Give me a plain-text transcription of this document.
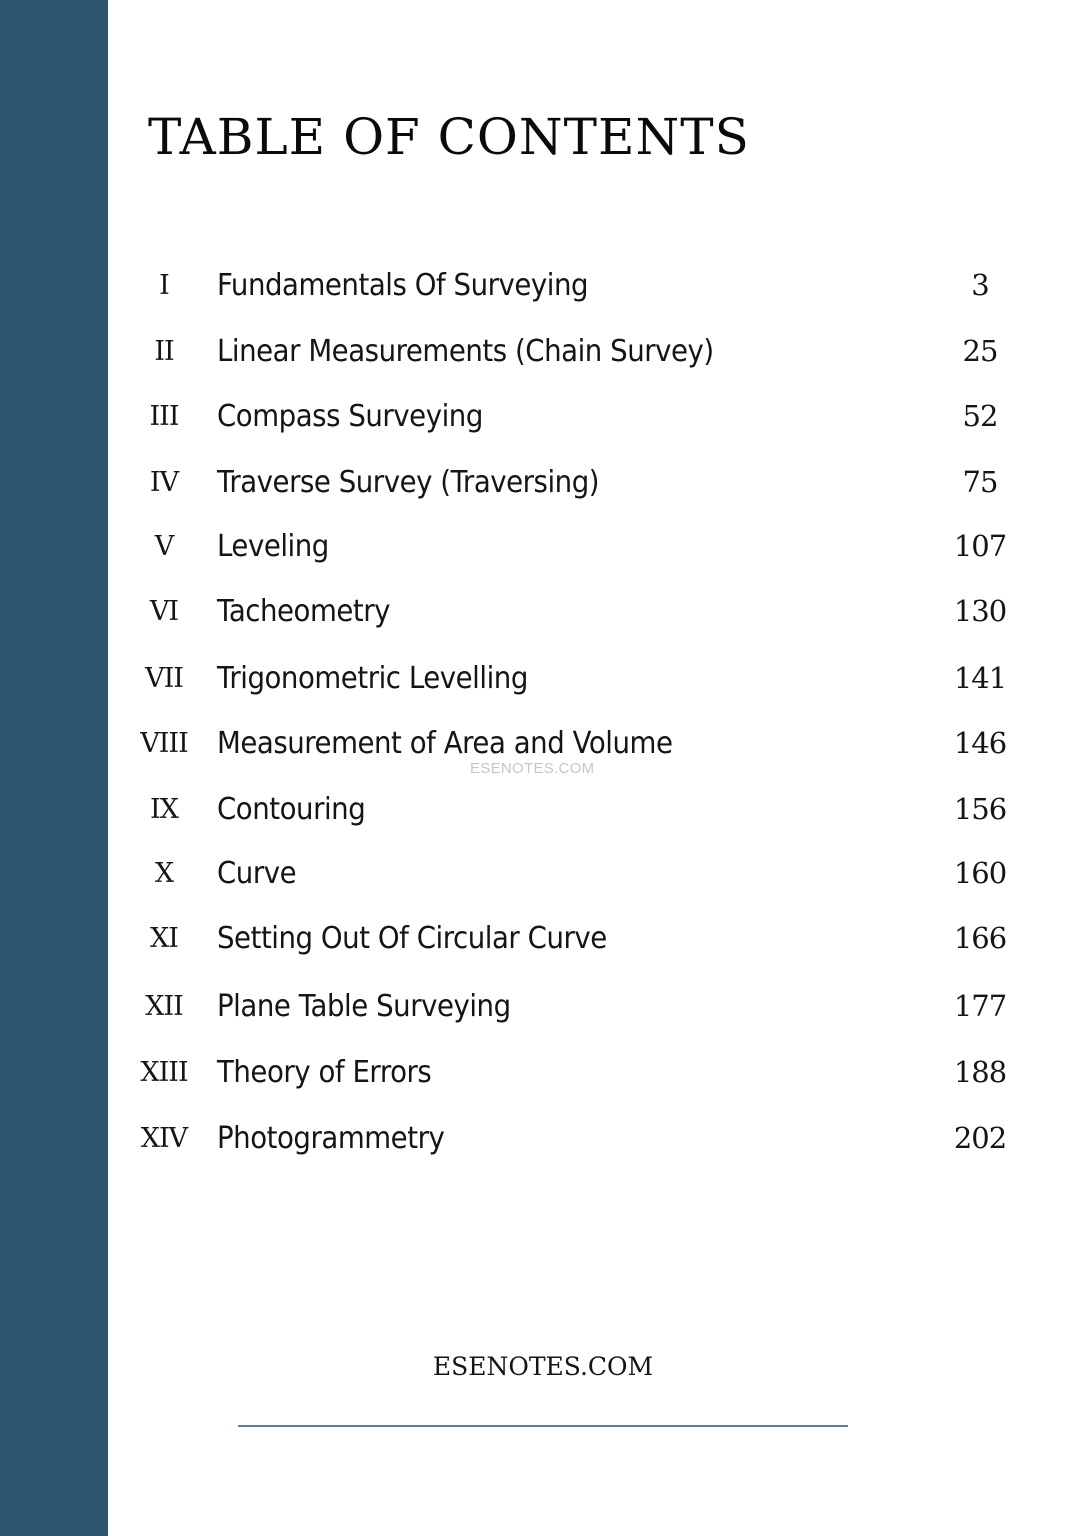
TABLE OF CONTENTS
I	Fundamentals Of Surveying	3
II	Linear Measurements (Chain Survey)	25
III	Compass Surveying	52
IV	Traverse Survey (Traversing)	75
V	Leveling	107
VI	Tacheometry	130
VII	Trigonometric Levelling	141
VIII Measurement of Area and Volume	146
IX	Contouring	156
X	Curve	160
XI	Setting Out Of Circular Curve	166
XII	Plane Table Surveying	177
XIII Theory of Errors	188
XIV Photogrammetry	202
ESENOTES.COM
ESENOTES.COM
